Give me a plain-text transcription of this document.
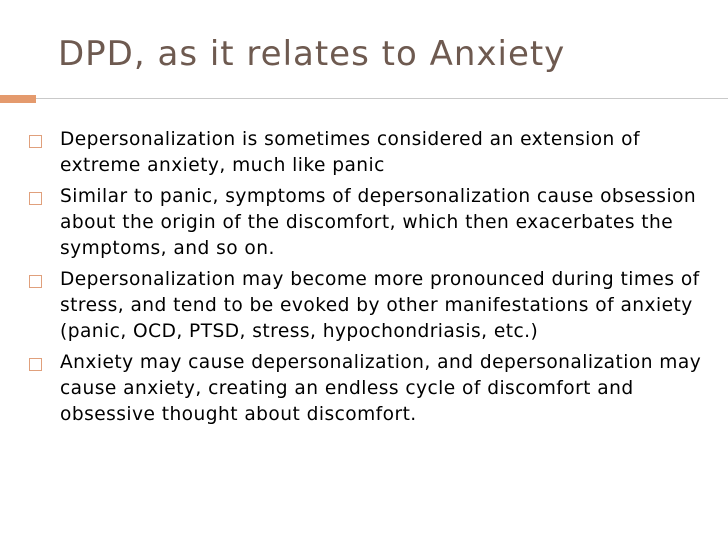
DPD, as it relates to Anxiety
Depersonalization is sometimes considered an extension of extreme anxiety, much like panic
Similar to panic, symptoms of depersonalization cause obsession about the origin of the discomfort, which then exacerbates the symptoms, and so on.
Depersonalization may become more pronounced during times of stress, and tend to be evoked by other manifestations of anxiety (panic, OCD, PTSD, stress, hypochondriasis, etc.)
Anxiety may cause depersonalization, and depersonalization may cause anxiety, creating an endless cycle of discomfort and obsessive thought about discomfort.
